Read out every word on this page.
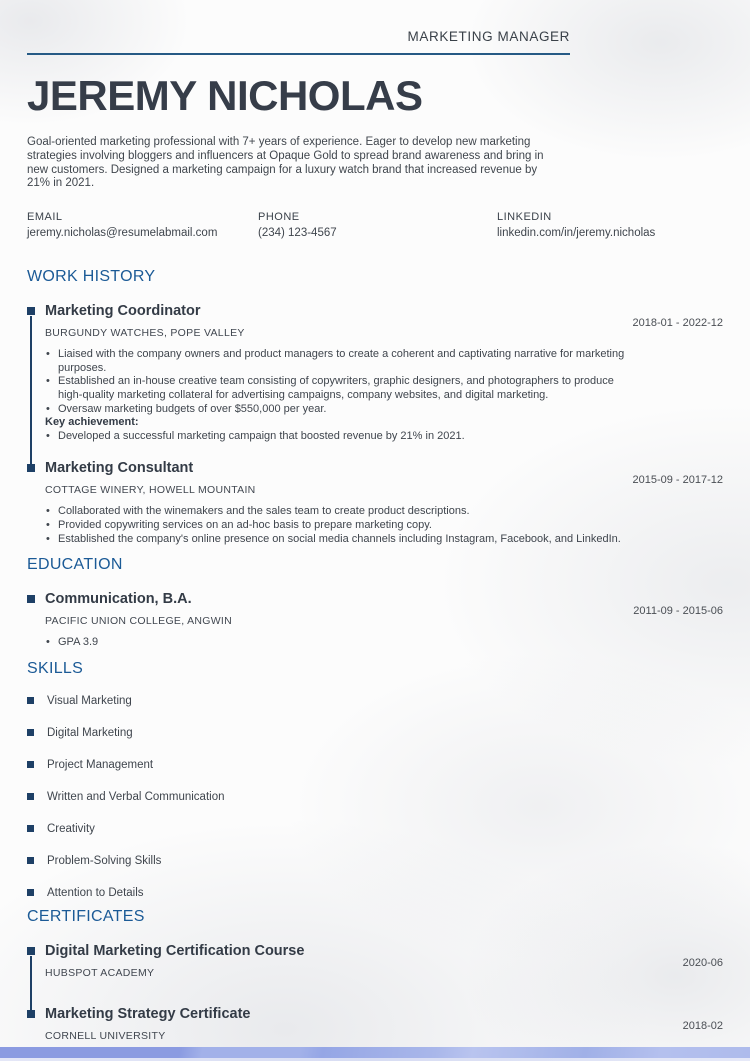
MARKETING MANAGER
JEREMY NICHOLAS

Goal-oriented marketing professional with 7+ years of experience. Eager to develop new marketing strategies involving bloggers and influencers at Opaque Gold to spread brand awareness and bring in new customers. Designed a marketing campaign for a luxury watch brand that increased revenue by 21% in 2021.

EMAIL
jeremy.nicholas@resumelabmail.com
PHONE
(234) 123-4567
LINKEDIN
linkedin.com/in/jeremy.nicholas
WORK HISTORY
Marketing Coordinator
2018-01 - 2022-12
BURGUNDY WATCHES, POPE VALLEY
• Liaised with the company owners and product managers to create a coherent and captivating narrative for marketing purposes.
• Established an in-house creative team consisting of copywriters, graphic designers, and photographers to produce high-quality marketing collateral for advertising campaigns, company websites, and digital marketing.
• Oversaw marketing budgets of over $550,000 per year.
Key achievement:
• Developed a successful marketing campaign that boosted revenue by 21% in 2021.
Marketing Consultant
2015-09 - 2017-12
COTTAGE WINERY, HOWELL MOUNTAIN
• Collaborated with the winemakers and the sales team to create product descriptions.
• Provided copywriting services on an ad-hoc basis to prepare marketing copy.
• Established the company's online presence on social media channels including Instagram, Facebook, and LinkedIn.
EDUCATION
Communication, B.A.
2011-09 - 2015-06
PACIFIC UNION COLLEGE, ANGWIN
• GPA 3.9
SKILLS
Visual Marketing
Digital Marketing
Project Management
Written and Verbal Communication
Creativity
Problem-Solving Skills
Attention to Details
CERTIFICATES
Digital Marketing Certification Course
2020-06
HUBSPOT ACADEMY
Marketing Strategy Certificate
2018-02
CORNELL UNIVERSITY
